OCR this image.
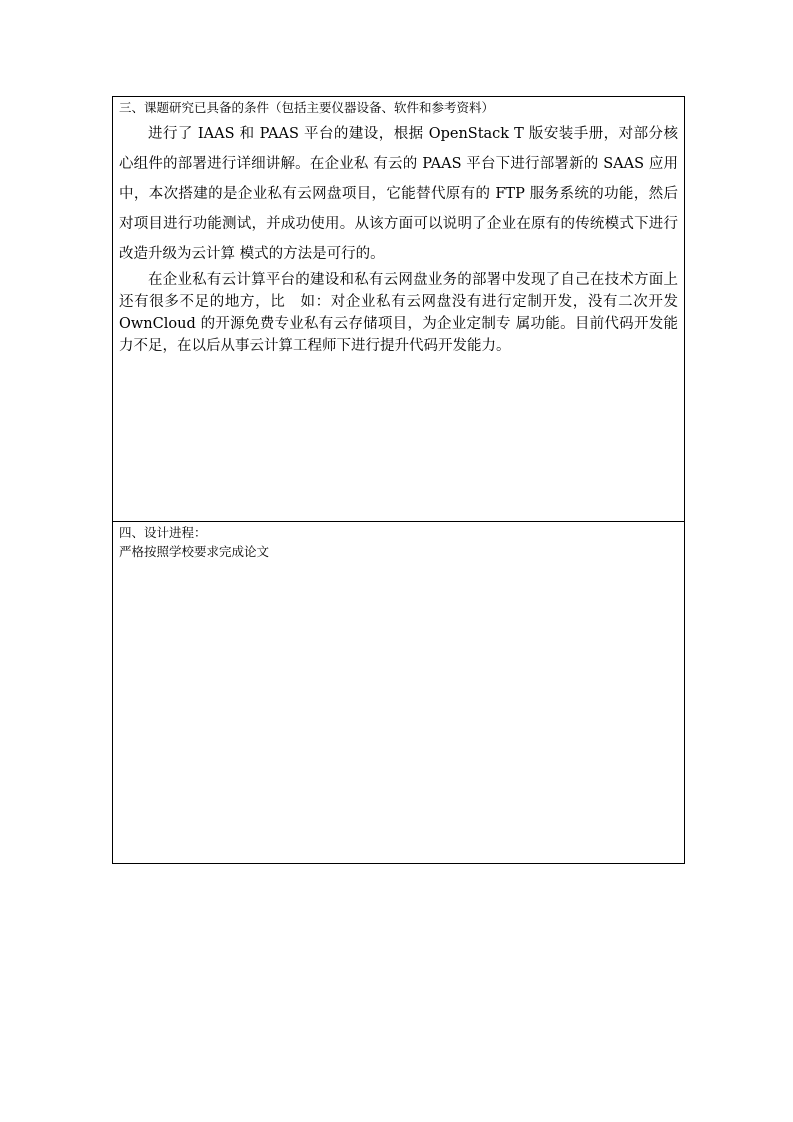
三、课题研究已具备的条件（包括主要仪器设备、软件和参考资料）

进行了 IAAS 和 PAAS 平台的建设，根据 OpenStack T 版安装手册，对部分核心组件的部署进行详细讲解。在企业私 有云的 PAAS 平台下进行部署新的 SAAS 应用中，本次搭建的是企业私有云网盘项目，它能替代原有的 FTP 服务系统的功能，然后对项目进行功能测试，并成功使用。从该方面可以说明了企业在原有的传统模式下进行改造升级为云计算 模式的方法是可行的。

在企业私有云计算平台的建设和私有云网盘业务的部署中发现了自己在技术方面上还有很多不足的地方，比　如：对企业私有云网盘没有进行定制开发，没有二次开发 OwnCloud 的开源免费专业私有云存储项目，为企业定制专 属功能。目前代码开发能力不足，在以后从事云计算工程师下进行提升代码开发能力。

四、设计进程：

严格按照学校要求完成论文
